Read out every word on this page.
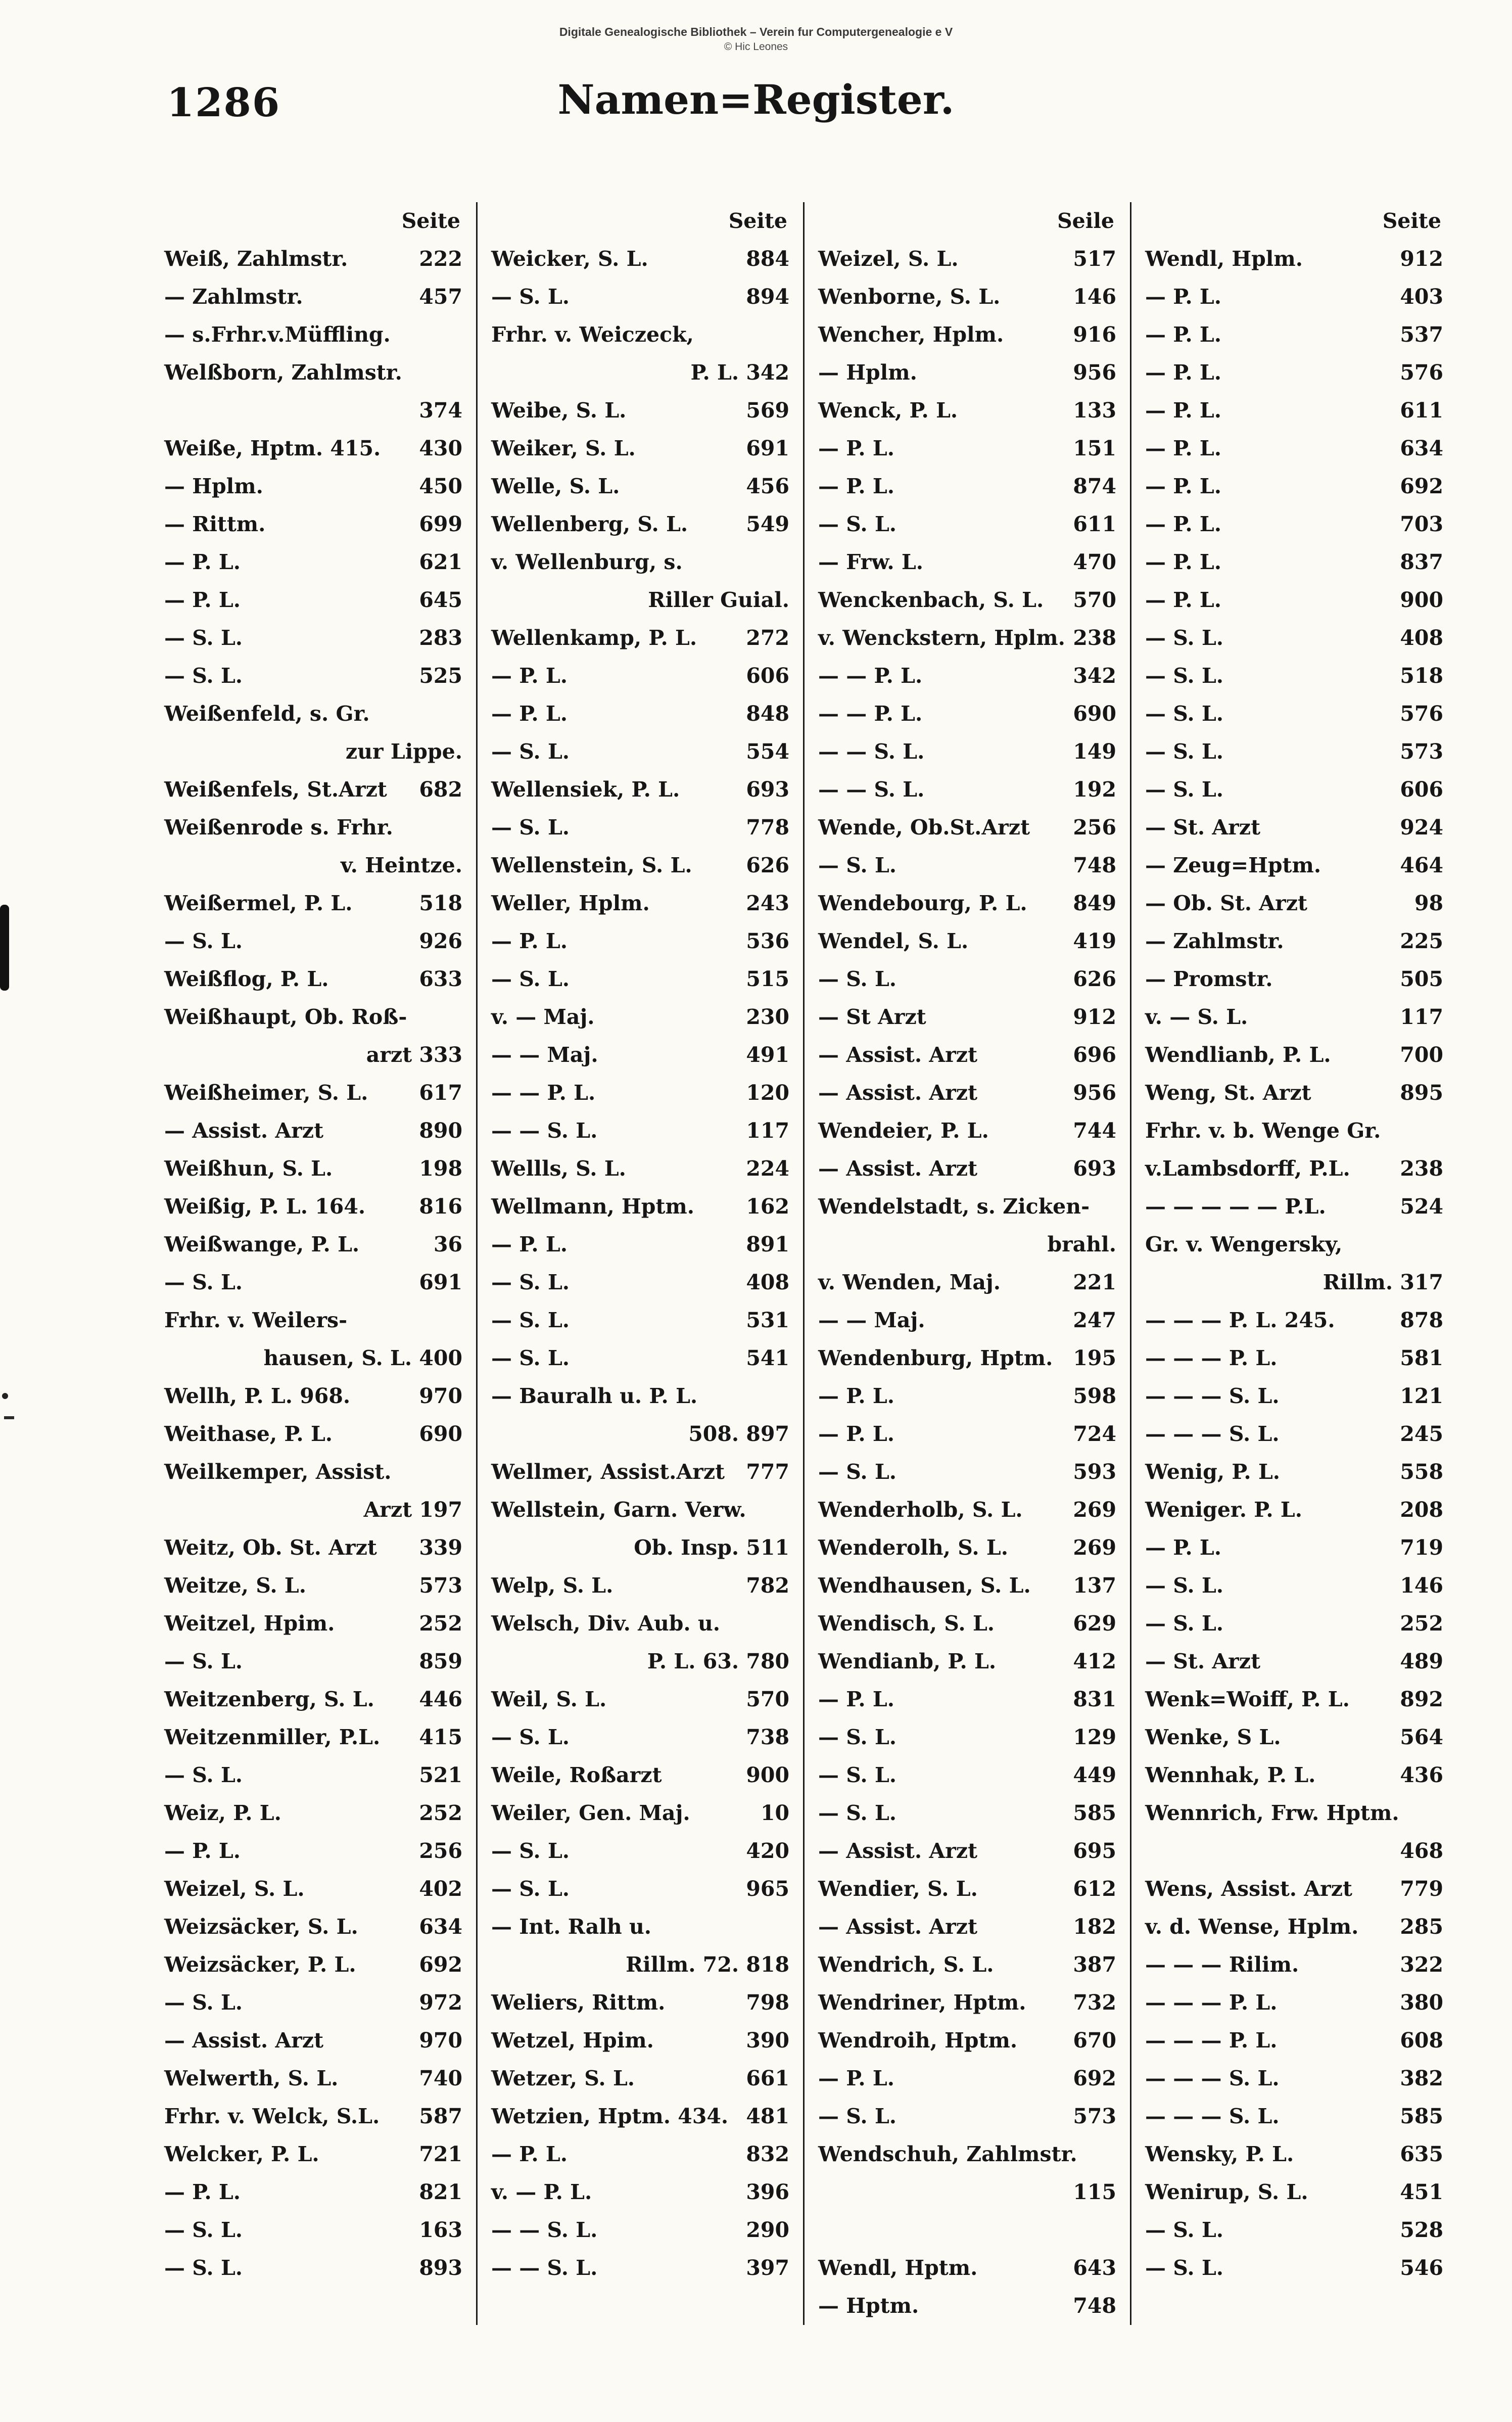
Digitale Genealogische Bibliothek – Verein fur Computergenealogie e V
© Hic Leones
1286	Namen=Register.
Seite
Weiß, Zahlmstr.	222
— Zahlmstr.	457
— s.Frhr.v.Müffling.
Welßborn, Zahlmstr.
374
Weiße, Hptm. 415. 430
— Hplm.	450
— Rittm.	699
— P. L.	621
— P. L.	645
— S. L.	283
— S. L.	525
Weißenfeld, s. Gr.
zur Lippe.
Weißenfels, St.Arzt 682
Weißenrode s. Frhr.
v. Heintze.
Weißermel, P. L.	518
— S. L.	926
Weißflog, P. L.	633
Weißhaupt, Ob. Roß-
arzt 333
Weißheimer, S. L. 617
— Assist. Arzt	890
Weißhun, S. L.	198
Weißig, P. L. 164.	816
Weißwange, P. L.	36
— S. L.	691
Frhr. v. Weilers-
hausen, S. L. 400
Wellh, P. L. 968.	970
Weithase, P. L.	690
Weilkemper, Assist.
Arzt 197
Weitz, Ob. St. Arzt 339
Weitze, S. L.	573
Weitzel, Hpim.	252
— S. L.	859
Weitzenberg, S. L. 446
Weitzenmiller, P.L. 415
— S. L.	521
Weiz, P. L.	252
— P. L.	256
Weizel, S. L.	402
Weizsäcker, S. L.	634
Weizsäcker, P. L.	692
— S. L.	972
— Assist. Arzt	970
Welwerth, S. L.	740
Frhr. v. Welck, S.L. 587
Welcker, P. L.	721
— P. L.	821
— S. L.	163
— S. L.	893
Seite
Weicker, S. L.	884
— S. L.	894
Frhr. v. Weiczeck,
P. L. 342
Weibe, S. L.	569
Weiker, S. L.	691
Welle, S. L.	456
Wellenberg, S. L.	549
v. Wellenburg, s.
Riller Guial.
Wellenkamp, P. L. 272
— P. L.	606
— P. L.	848
— S. L.	554
Wellensiek, P. L.	693
— S. L.	778
Wellenstein, S. L.	626
Weller, Hplm.	243
— P. L.	536
— S. L.	515
v. — Maj.	230
— — Maj.	491
— — P. L.	120
— — S. L.	117
Wellls, S. L.	224
Wellmann, Hptm. 162
— P. L.	891
— S. L.	408
— S. L.	531
— S. L.	541
— Bauralh u. P. L.
508. 897
Wellmer, Assist.Arzt 777
Wellstein, Garn. Verw.
Ob. Insp. 511
Welp, S. L.	782
Welsch, Div. Aub. u.
P. L. 63. 780
Weil, S. L.	570
— S. L.	738
Weile, Roßarzt	900
Weiler, Gen. Maj.	10
— S. L.	420
— S. L.	965
— Int. Ralh u.
Rillm. 72. 818
Weliers, Rittm.	798
Wetzel, Hpim.	390
Wetzer, S. L.	661
Wetzien, Hptm. 434. 481
— P. L.	832
v. — P. L.	396
— — S. L.	290
— — S. L.	397
Seile
Weizel, S. L.	517
Wenborne, S. L.	146
Wencher, Hplm.	916
— Hplm.	956
Wenck, P. L.	133
— P. L.	151
— P. L.	874
— S. L.	611
— Frw. L.	470
Wenckenbach, S. L. 570
v. Wenckstern, Hplm. 238
— — P. L.	342
— — P. L.	690
— — S. L.	149
— — S. L.	192
Wende, Ob.St.Arzt 256
— S. L.	748
Wendebourg, P. L. 849
Wendel, S. L.	419
— S. L.	626
— St Arzt	912
— Assist. Arzt	696
— Assist. Arzt	956
Wendeier, P. L.	744
— Assist. Arzt	693
Wendelstadt, s. Zicken-
brahl.
v. Wenden, Maj.	221
— — Maj.	247
Wendenburg, Hptm. 195
— P. L.	598
— P. L.	724
— S. L.	593
Wenderholb, S. L. 269
Wenderolh, S. L.	269
Wendhausen, S. L. 137
Wendisch, S. L.	629
Wendianb, P. L.	412
— P. L.	831
— S. L.	129
— S. L.	449
— S. L.	585
— Assist. Arzt	695
Wendier, S. L.	612
— Assist. Arzt	182
Wendrich, S. L.	387
Wendriner, Hptm. 732
Wendroih, Hptm.	670
— P. L.	692
— S. L.	573
Wendschuh, Zahlmstr.
115
Wendl, Hptm.	643
— Hptm.	748
Seite
Wendl, Hplm.	912
— P. L.	403
— P. L.	537
— P. L.	576
— P. L.	611
— P. L.	634
— P. L.	692
— P. L.	703
— P. L.	837
— P. L.	900
— S. L.	408
— S. L.	518
— S. L.	576
— S. L.	573
— S. L.	606
— St. Arzt	924
— Zeug=Hptm.	464
— Ob. St. Arzt	98
— Zahlmstr.	225
— Promstr.	505
v. — S. L.	117
Wendlianb, P. L.	700
Weng, St. Arzt	895
Frhr. v. b. Wenge Gr.
v.Lambsdorff, P.L. 238
— — — — — P.L.	524
Gr. v. Wengersky,
Rillm. 317
— — — P. L. 245.	878
— — — P. L.	581
— — — S. L.	121
— — — S. L.	245
Wenig, P. L.	558
Weniger. P. L.	208
— P. L.	719
— S. L.	146
— S. L.	252
— St. Arzt	489
Wenk=Woiff, P. L. 892
Wenke, S L.	564
Wennhak, P. L.	436
Wennrich, Frw. Hptm.
468
Wens, Assist. Arzt 779
v. d. Wense, Hplm. 285
— — — Rilim.	322
— — — P. L.	380
— — — P. L.	608
— — — S. L.	382
— — — S. L.	585
Wensky, P. L.	635
Wenirup, S. L.	451
— S. L.	528
— S. L.	546
